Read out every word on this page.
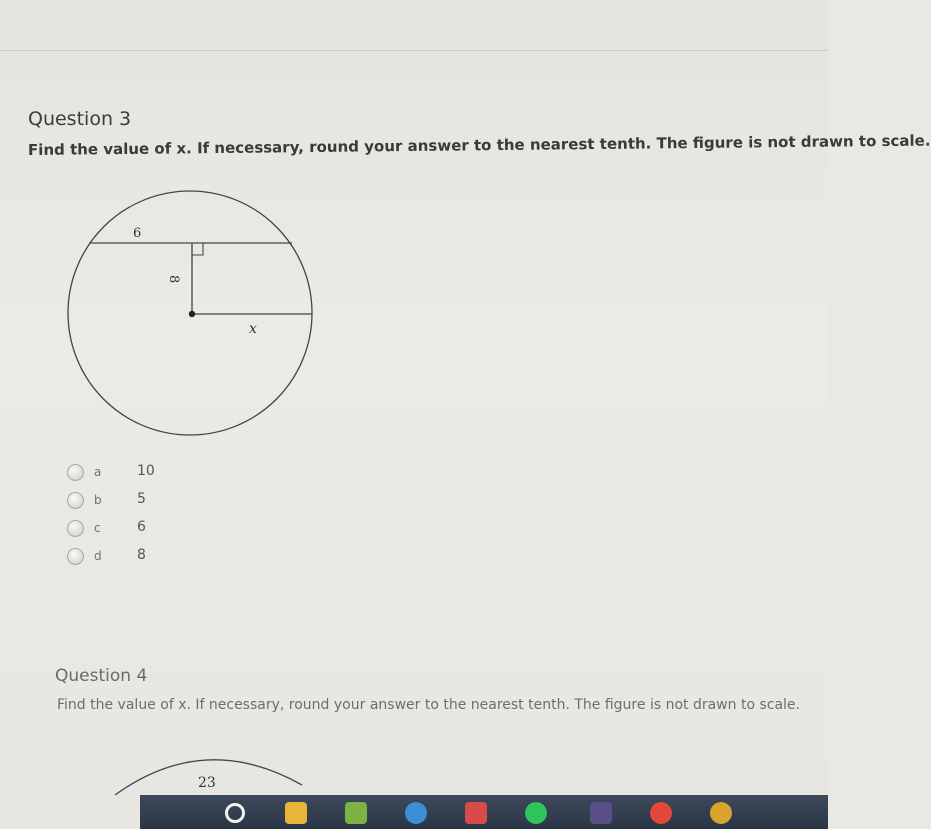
Question 3

Find the value of x. If necessary, round your answer to the nearest tenth. The figure is not drawn to scale.

6
8
x
a	10
b	5
c	6
d	8
Question 4

Find the value of x. If necessary, round your answer to the nearest tenth. The figure is not drawn to scale.

23
